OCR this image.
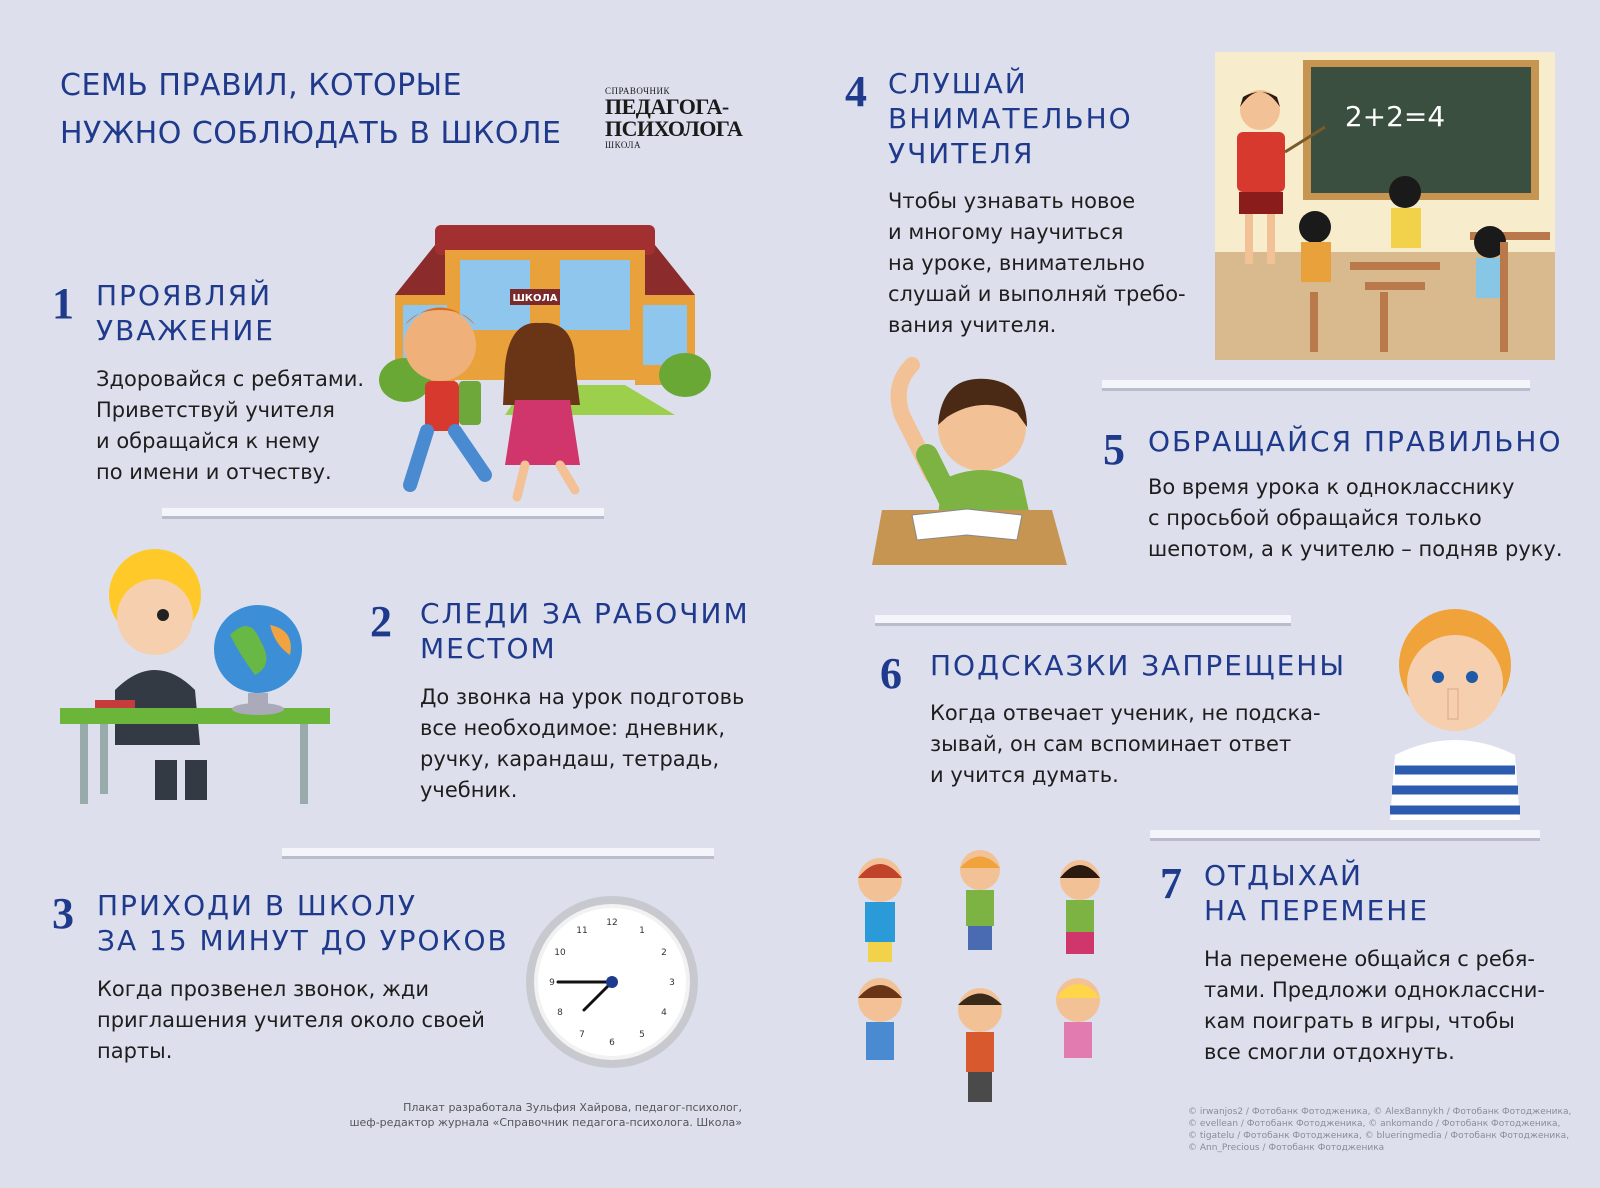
СЕМЬ ПРАВИЛ, КОТОРЫЕ
НУЖНО СОБЛЮДАТЬ В ШКОЛЕ
СПРАВОЧНИК
ПЕДАГОГА-
ПСИХОЛОГА
ШКОЛА
1 ПРОЯВЛЯЙ
УВАЖЕНИЕ
Здоровайся с ребятами.
Приветствуй учителя
и обращайся к нему
по имени и отчеству.
ШКОЛА
2 СЛЕДИ ЗА РАБОЧИМ
МЕСТОМ
До звонка на урок подготовь
все необходимое: дневник,
ручку, карандаш, тетрадь,
учебник.
3 ПРИХОДИ В ШКОЛУ
ЗА 15 МИНУТ ДО УРОКОВ
Когда прозвенел звонок, жди
приглашения учителя около своей
парты.
12
1
2
3
4
5
6
7
8
9
10
11
4 СЛУШАЙ
ВНИМАТЕЛЬНО
УЧИТЕЛЯ
Чтобы узнавать новое
и многому научиться
на уроке, внимательно
слушай и выполняй требо-
вания учителя.
2+2=4
5 ОБРАЩАЙСЯ ПРАВИЛЬНО
Во время урока к однокласснику
с просьбой обращайся только
шепотом, а к учителю – подняв руку.
6 ПОДСКАЗКИ ЗАПРЕЩЕНЫ
Когда отвечает ученик, не подска-
зывай, он сам вспоминает ответ
и учится думать.
7 ОТДЫХАЙ
НА ПЕРЕМЕНЕ
На перемене общайся с ребя-
тами. Предложи одноклассни-
кам поиграть в игры, чтобы
все смогли отдохнуть.
Плакат разработала Зульфия Хайрова, педагог-психолог,
шеф-редактор журнала «Справочник педагога-психолога. Школа»
© irwanjos2 / Фотобанк Фотодженика, © AlexBannykh / Фотобанк Фотодженика,
© evellean / Фотобанк Фотодженика, © ankomando / Фотобанк Фотодженика,
© tigatelu / Фотобанк Фотодженика, © blueringmedia / Фотобанк Фотодженика,
© Ann_Precious / Фотобанк Фотодженика
